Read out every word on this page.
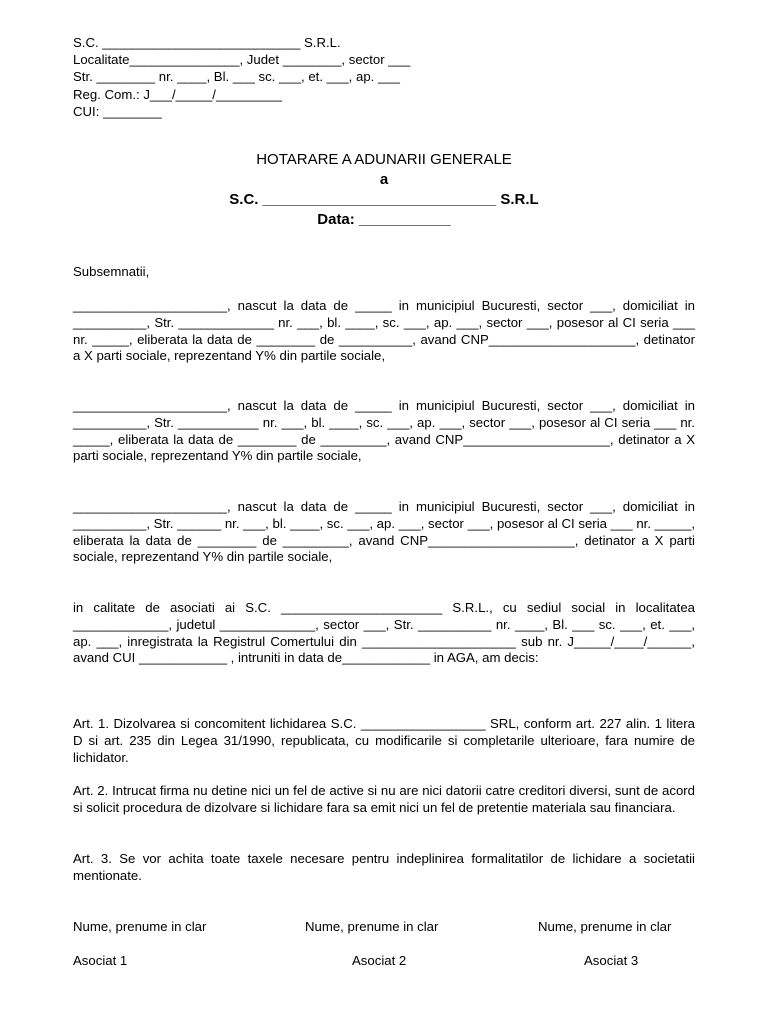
S.C. ___________________________ S.R.L.
Localitate_______________, Judet ________, sector ___
Str. ________ nr. ____, Bl. ___ sc. ___, et. ___, ap. ___
Reg. Com.: J___/_____/_________
CUI: ________
HOTARARE A ADUNARII GENERALE
a
S.C. ____________________________ S.R.L
Data: ___________
Subsemnatii,
_____________________, nascut la data de _____ in municipiul Bucuresti, sector ___, domiciliat in __________, Str. _____________ nr. ___, bl. ____, sc. ___, ap. ___, sector ___, posesor al CI seria ___ nr. _____, eliberata la data de ________ de __________, avand CNP____________________, detinator a X parti sociale, reprezentand Y% din partile sociale,
_____________________, nascut la data de _____ in municipiul Bucuresti, sector ___, domiciliat in __________, Str. ___________ nr. ___, bl. ____, sc. ___, ap. ___, sector ___, posesor al CI seria ___ nr. _____, eliberata la data de ________ de _________, avand CNP____________________, detinator a X parti sociale, reprezentand Y% din partile sociale,
_____________________, nascut la data de _____ in municipiul Bucuresti, sector ___, domiciliat in __________, Str. ______ nr. ___, bl. ____, sc. ___, ap. ___, sector ___, posesor al CI seria ___ nr. _____, eliberata la data de ________ de _________, avand CNP____________________, detinator a X parti sociale, reprezentand Y% din partile sociale,
in calitate de asociati ai S.C. ______________________ S.R.L., cu sediul social in localitatea _____________, judetul _____________, sector ___, Str. __________ nr. ____, Bl. ___ sc. ___, et. ___, ap. ___, inregistrata la Registrul Comertului din _____________________ sub nr. J_____/____/______, avand CUI ____________ , intruniti in data de____________ in AGA, am decis:
Art. 1. Dizolvarea si concomitent lichidarea S.C. _________________ SRL, conform art. 227 alin. 1 litera D si art. 235 din Legea 31/1990, republicata, cu modificarile si completarile ulterioare, fara numire de lichidator.
Art. 2. Intrucat firma nu detine nici un fel de active si nu are nici datorii catre creditori diversi, sunt de acord si solicit procedura de dizolvare si lichidare fara sa emit nici un fel de pretentie materiala sau financiara.
Art. 3. Se vor achita toate taxele necesare pentru indeplinirea formalitatilor de lichidare a societatii mentionate.
Nume, prenume in clar	Nume, prenume in clar	Nume, prenume in clar
Asociat 1	Asociat 2	Asociat 3
